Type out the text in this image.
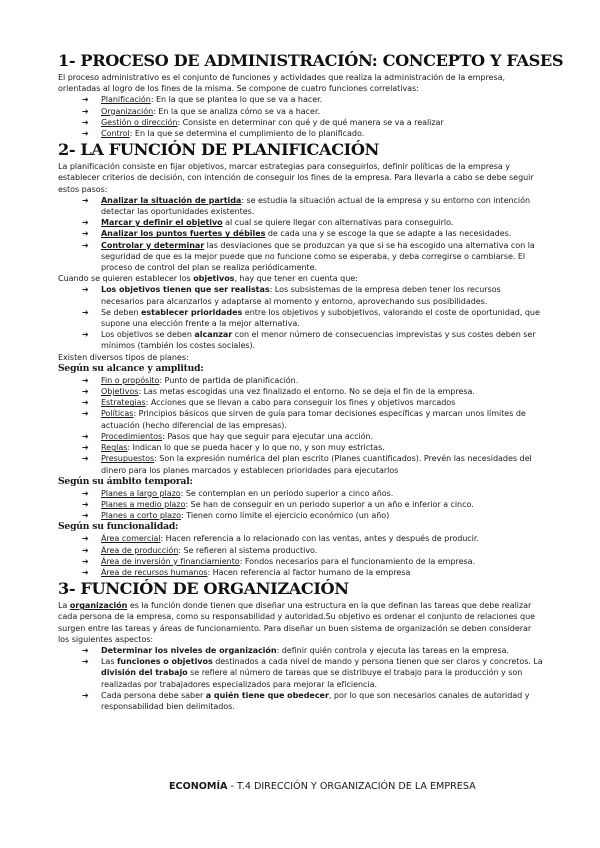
1- PROCESO DE ADMINISTRACIÓN: CONCEPTO Y FASES

El proceso administrativo es el conjunto de funciones y actividades que realiza la administración de la empresa, orientadas al logro de los fines de la misma. Se compone de cuatro funciones correlativas:

➔ Planificación: En la que se plantea lo que se va a hacer.
➔ Organización: En la que se analiza cómo se va a hacer.
➔ Gestión o dirección: Consiste en determinar con qué y de qué manera se va a realizar
➔ Control: En la que se determina el cumplimiento de lo planificado.
2- LA FUNCIÓN DE PLANIFICACIÓN

La planificación consiste en fijar objetivos, marcar estrategias para conseguirlos, definir políticas de la empresa y establecer criterios de decisión, con intención de conseguir los fines de la empresa. Para llevarla a cabo se debe seguir estos pasos:

➔ Analizar la situación de partida: se estudia la situación actual de la empresa y su entorno con intención detectar las oportunidades existentes.
➔ Marcar y definir el objetivo al cual se quiere llegar con alternativas para conseguirlo.
➔ Analizar los puntos fuertes y débiles de cada una y se escoge la que se adapte a las necesidades.
➔ Controlar y determinar las desviaciones que se produzcan ya que si se ha escogido una alternativa con la seguridad de que es la mejor puede que no funcione como se esperaba, y deba corregirse o cambiarse. El proceso de control del plan se realiza periódicamente.

Cuando se quieren establecer los objetivos, hay que tener en cuenta que:

➔ Los objetivos tienen que ser realistas: Los subsistemas de la empresa deben tener los recursos necesarios para alcanzarlos y adaptarse al momento y entorno, aprovechando sus posibilidades.
➔ Se deben establecer prioridades entre los objetivos y subobjetivos, valorando el coste de oportunidad, que supone una elección frente a la mejor alternativa.
➔ Los objetivos se deben alcanzar con el menor número de consecuencias imprevistas y sus costes deben ser mínimos (también los costes sociales).

Existen diversos tipos de planes:

Según su alcance y amplitud:

➔ Fin o propósito: Punto de partida de planificación.
➔ Objetivos: Las metas escogidas una vez finalizado el entorno. No se deja el fin de la empresa.
➔ Estrategias: Acciones que se llevan a cabo para conseguir los fines y objetivos marcados
➔ Políticas: Principios básicos que sirven de guía para tomar decisiones específicas y marcan unos límites de actuación (hecho diferencial de las empresas).
➔ Procedimientos: Pasos que hay que seguir para ejecutar una acción.
➔ Reglas: Indican lo que se pueda hacer y lo que no, y son muy estrictas.
➔ Presupuestos: Son la expresión numérica del plan escrito (Planes cuantificados). Prevén las necesidades del dinero para los planes marcados y establecen prioridades para ejecutarlos

Según su ámbito temporal:

➔ Planes a largo plazo: Se contemplan en un periodo superior a cinco años.
➔ Planes a medio plazo: Se han de conseguir en un periodo superior a un año e inferior a cinco.
➔ Planes a corto plazo: Tienen como límite el ejercicio económico (un año)

Según su funcionalidad:

➔ Área comercial: Hacen referencia a lo relacionado con las ventas, antes y después de producir.
➔ Área de producción: Se refieren al sistema productivo.
➔ Área de inversión y financiamiento: Fondos necesarios para el funcionamiento de la empresa.
➔ Área de recursos humanos: Hacen referencia al factor humano de la empresa
3- FUNCIÓN DE ORGANIZACIÓN

La organización es la función donde tienen que diseñar una estructura en la que definan las tareas que debe realizar cada persona de la empresa, como su responsabilidad y autoridad.Su objetivo es ordenar el conjunto de relaciones que surgen entre las tareas y áreas de funcionamiento. Para diseñar un buen sistema de organización se deben considerar los siguientes aspectos:

➔ Determinar los niveles de organización: definir quién controla y ejecuta las tareas en la empresa.
➔ Las funciones o objetivos destinados a cada nivel de mando y persona tienen que ser claros y concretos. La división del trabajo se refiere al número de tareas que se distribuye el trabajo para la producción y son realizadas por trabajadores especializados para mejorar la eficiencia.
➔ Cada persona debe saber a quién tiene que obedecer, por lo que son necesarios canales de autoridad y responsabilidad bien delimitados.
ECONOMÍA - T.4 DIRECCIÓN Y ORGANIZACIÓN DE LA EMPRESA
